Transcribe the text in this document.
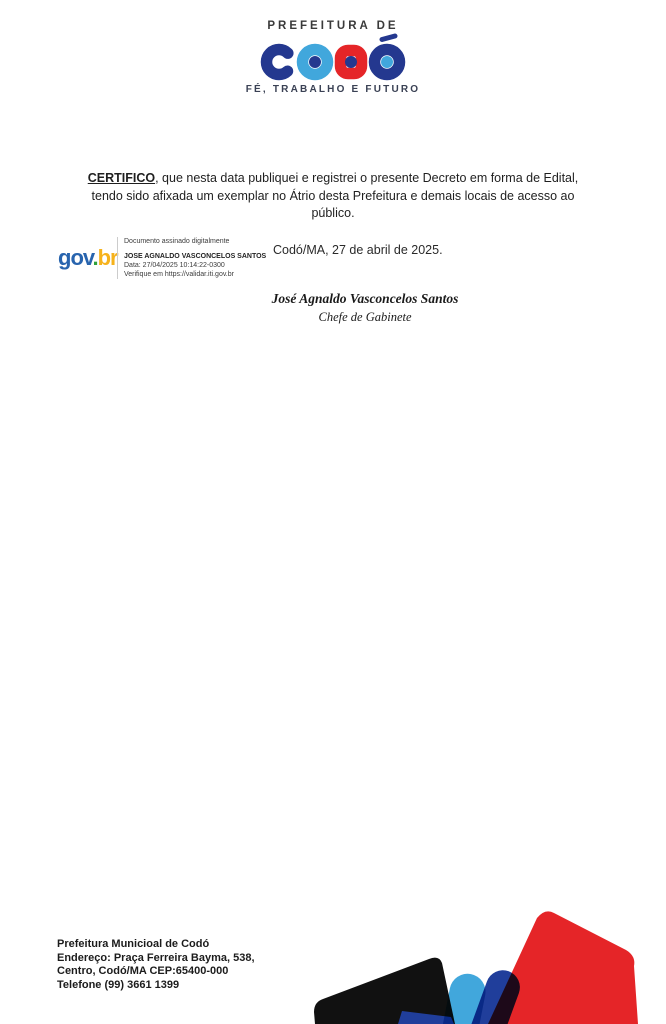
PREFEITURA DE
FÉ, TRABALHO E FUTURO
CERTIFICO, que nesta data publiquei e registrei o presente Decreto em forma de Edital,
tendo sido afixada um exemplar no Átrio desta Prefeitura e demais locais de acesso ao
público.
gov.br
Documento assinado digitalmente
JOSE AGNALDO VASCONCELOS SANTOS
Data: 27/04/2025 10:14:22-0300
Verifique em https://validar.iti.gov.br
Codó/MA, 27 de abril de 2025.
José Agnaldo Vasconcelos Santos
Chefe de Gabinete
Prefeitura Municioal de Codó
Endereço: Praça Ferreira Bayma, 538,
Centro, Codó/MA CEP:65400-000
Telefone (99) 3661 1399
